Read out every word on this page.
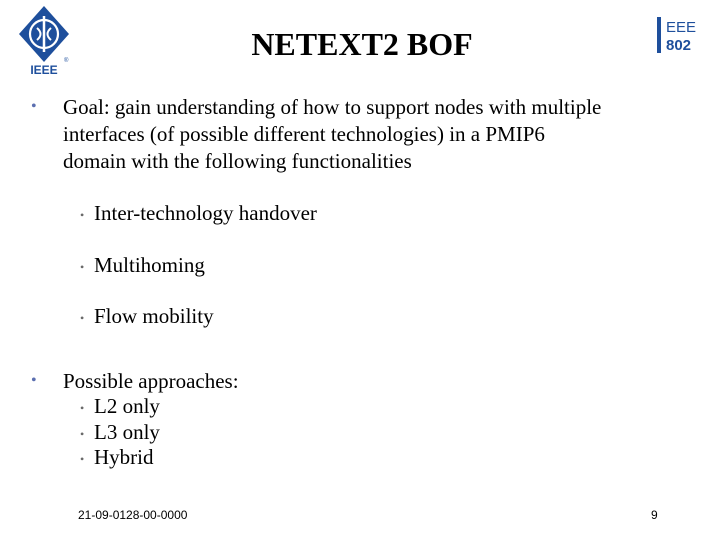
IEEE
®
EEE
802
NETEXT2 BOF
• Goal: gain understanding of how to support nodes with multiple
interfaces (of possible different technologies) in a PMIP6
domain with the following functionalities
• Inter-technology handover
• Multihoming
• Flow mobility
• Possible approaches:
• L2 only
• L3 only
• Hybrid
21-09-0128-00-0000	9
